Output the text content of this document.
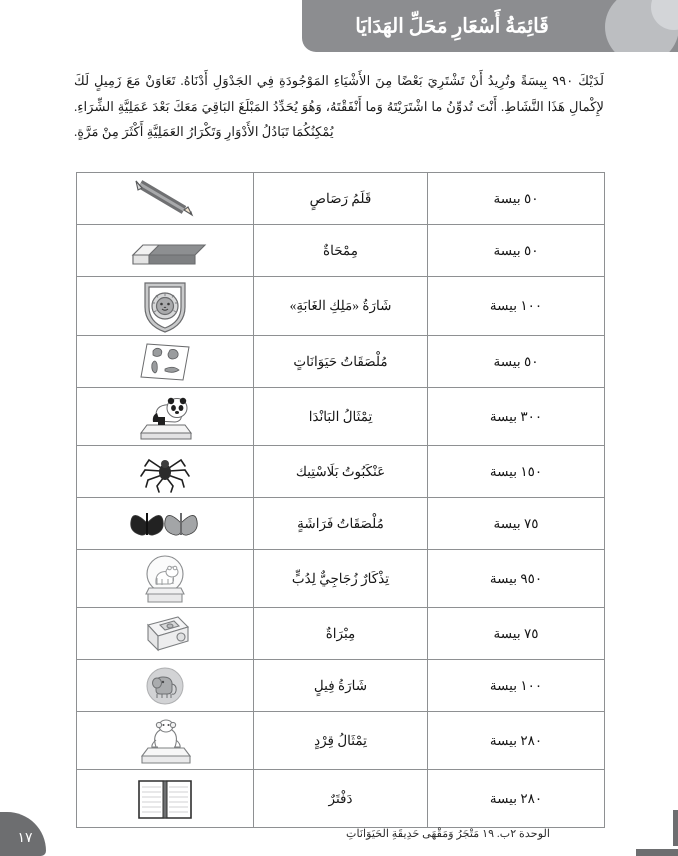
قَائِمَةُ أَسْعَارِ مَحَلِّ الهَدَايَا

لَدَيْكَ ٩٩٠ بِيسَةً وتُرِيدُ أَنْ تَشْتَرِيَ بَعْضًا مِنَ الأَشْيَاءِ المَوْجُودَةِ فِي الجَدْوَلِ أَدْنَاهُ. تَعَاوَنْ مَعَ زَمِيلٍ لَكَ لإِكْمالِ هَذَا النَّشَاطِ. أَنْتَ تُدوِّنُ ما اشْتَرَيْتَهُ وَما أَنْفَقْتَهُ، وَهُوَ يُحَدِّدُ المَبْلَغَ البَاقِيَ مَعَكَ بَعْدَ عَمَلِيَّةِ الشِّرَاءِ. يُمْكِنُكُمَا تَبَادُلُ الأَدْوَارِ وَتَكْرَارُ العَمَلِيَّةِ أَكْثَرَ مِنْ مَرَّةٍ.

٥٠ بيسة	قَلَمُ رَصَاصٍ	

٥٠ بيسة	مِمْحَاةٌ	

١٠٠ بيسة	شَارَةُ «مَلِكِ الغَابَةِ»	

٥٠ بيسة	مُلْصَقَاتُ حَيَوَانَاتٍ	

٣٠٠ بيسة	تِمْثَالُ البَانْدَا	

١٥٠ بيسة	عَنْكَبُوتُ بَلَاسْتِيك	

٧٥ بيسة	مُلْصَقَاتُ فَرَاشَةٍ	

٩٥٠ بيسة	تِذْكَارٌ زُجَاجِيٌّ لِدُبٍّ	

٧٥ بيسة	مِبْرَاةٌ	

١٠٠ بيسة	شَارَةُ فِيلٍ	

٢٨٠ بيسة	تِمْثَالُ قِرْدٍ	

٢٨٠ بيسة	دَفْتَرٌ	
الوحدة ٢ب. ١٩ مَتْجَرُ وَمَقْهَى حَدِيقَةِ الحَيَوَانَاتِ
١٧
